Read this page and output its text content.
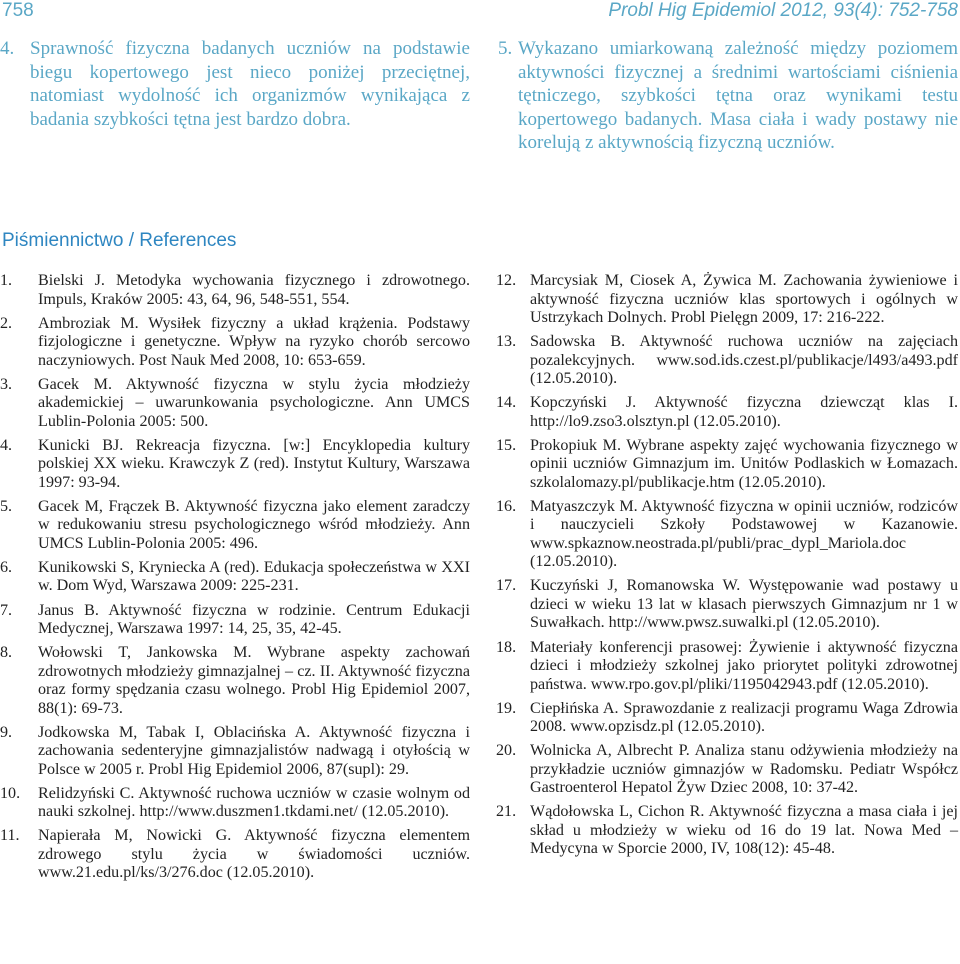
758	Probl Hig Epidemiol 2012, 93(4): 752-758
4. Sprawność fizyczna badanych uczniów na podstawie biegu kopertowego jest nieco poniżej przeciętnej, natomiast wydolność ich organizmów wynikająca z badania szybkości tętna jest bardzo dobra.
5. Wykazano umiarkowaną zależność między poziomem aktywności fizycznej a średnimi wartościami ciśnienia tętniczego, szybkości tętna oraz wynikami testu kopertowego badanych. Masa ciała i wady postawy nie korelują z aktywnością fizyczną uczniów.
Piśmiennictwo / References
1.	Bielski J. Metodyka wychowania fizycznego i zdrowotnego. Impuls, Kraków 2005: 43, 64, 96, 548-551, 554.
2.	Ambroziak M. Wysiłek fizyczny a układ krążenia. Podstawy fizjologiczne i genetyczne. Wpływ na ryzyko chorób sercowo naczyniowych. Post Nauk Med 2008, 10: 653-659.
3.	Gacek M. Aktywność fizyczna w stylu życia młodzieży akademickiej – uwarunkowania psychologiczne. Ann UMCS Lublin-Polonia 2005: 500.
4.	Kunicki BJ. Rekreacja fizyczna. [w:] Encyklopedia kultury polskiej XX wieku. Krawczyk Z (red). Instytut Kultury, Warszawa 1997: 93-94.
5.	Gacek M, Frączek B. Aktywność fizyczna jako element zaradczy w redukowaniu stresu psychologicznego wśród młodzieży. Ann UMCS Lublin-Polonia 2005: 496.
6.	Kunikowski S, Kryniecka A (red). Edukacja społeczeństwa w XXI w. Dom Wyd, Warszawa 2009: 225-231.
7.	Janus B. Aktywność fizyczna w rodzinie. Centrum Edukacji Medycznej, Warszawa 1997: 14, 25, 35, 42-45.
8.	Wołowski T, Jankowska M. Wybrane aspekty zachowań zdrowotnych młodzieży gimnazjalnej – cz. II. Aktywność fizyczna oraz formy spędzania czasu wolnego. Probl Hig Epidemiol 2007, 88(1): 69-73.
9.	Jodkowska M, Tabak I, Oblacińska A. Aktywność fizyczna i zachowania sedenteryjne gimnazjalistów nadwagą i otyłością w Polsce w 2005 r. Probl Hig Epidemiol 2006, 87(supl): 29.
10.	Relidzyński C. Aktywność ruchowa uczniów w czasie wolnym od nauki szkolnej. http://www.duszmen1.tkdami.net/ (12.05.2010).
11.	Napierała M, Nowicki G. Aktywność fizyczna elementem zdrowego stylu życia w świadomości uczniów. www.21.edu.pl/ks/3/276.doc (12.05.2010).
12. Marcysiak M, Ciosek A, Żywica M. Zachowania żywieniowe i aktywność fizyczna uczniów klas sportowych i ogólnych w Ustrzykach Dolnych. Probl Pielęgn 2009, 17: 216-222.
13. Sadowska B. Aktywność ruchowa uczniów na zajęciach pozalekcyjnych. www.sod.ids.czest.pl/publikacje/l493/a493.pdf (12.05.2010).
14. Kopczyński J. Aktywność fizyczna dziewcząt klas I. http://lo9.zso3.olsztyn.pl (12.05.2010).
15. Prokopiuk M. Wybrane aspekty zajęć wychowania fizycznego w opinii uczniów Gimnazjum im. Unitów Podlaskich w Łomazach. szkolalomazy.pl/publikacje.htm (12.05.2010).
16. Matyaszczyk M. Aktywność fizyczna w opinii uczniów, rodziców i nauczycieli Szkoły Podstawowej w Kazanowie. www.spkaznow.neostrada.pl/publi/prac_dypl_Mariola.doc (12.05.2010).
17. Kuczyński J, Romanowska W. Występowanie wad postawy u dzieci w wieku 13 lat w klasach pierwszych Gimnazjum nr 1 w Suwałkach. http://www.pwsz.suwalki.pl (12.05.2010).
18. Materiały konferencji prasowej: Żywienie i aktywność fizyczna dzieci i młodzieży szkolnej jako priorytet polityki zdrowotnej państwa. www.rpo.gov.pl/pliki/1195042943.pdf (12.05.2010).
19. Ciepłińska A. Sprawozdanie z realizacji programu Waga Zdrowia 2008. www.opzisdz.pl (12.05.2010).
20. Wolnicka A, Albrecht P. Analiza stanu odżywienia młodzieży na przykładzie uczniów gimnazjów w Radomsku. Pediatr Współcz Gastroenterol Hepatol Żyw Dziec 2008, 10: 37-42.
21. Wądołowska L, Cichon R. Aktywność fizyczna a masa ciała i jej skład u młodzieży w wieku od 16 do 19 lat. Nowa Med – Medycyna w Sporcie 2000, IV, 108(12): 45-48.
